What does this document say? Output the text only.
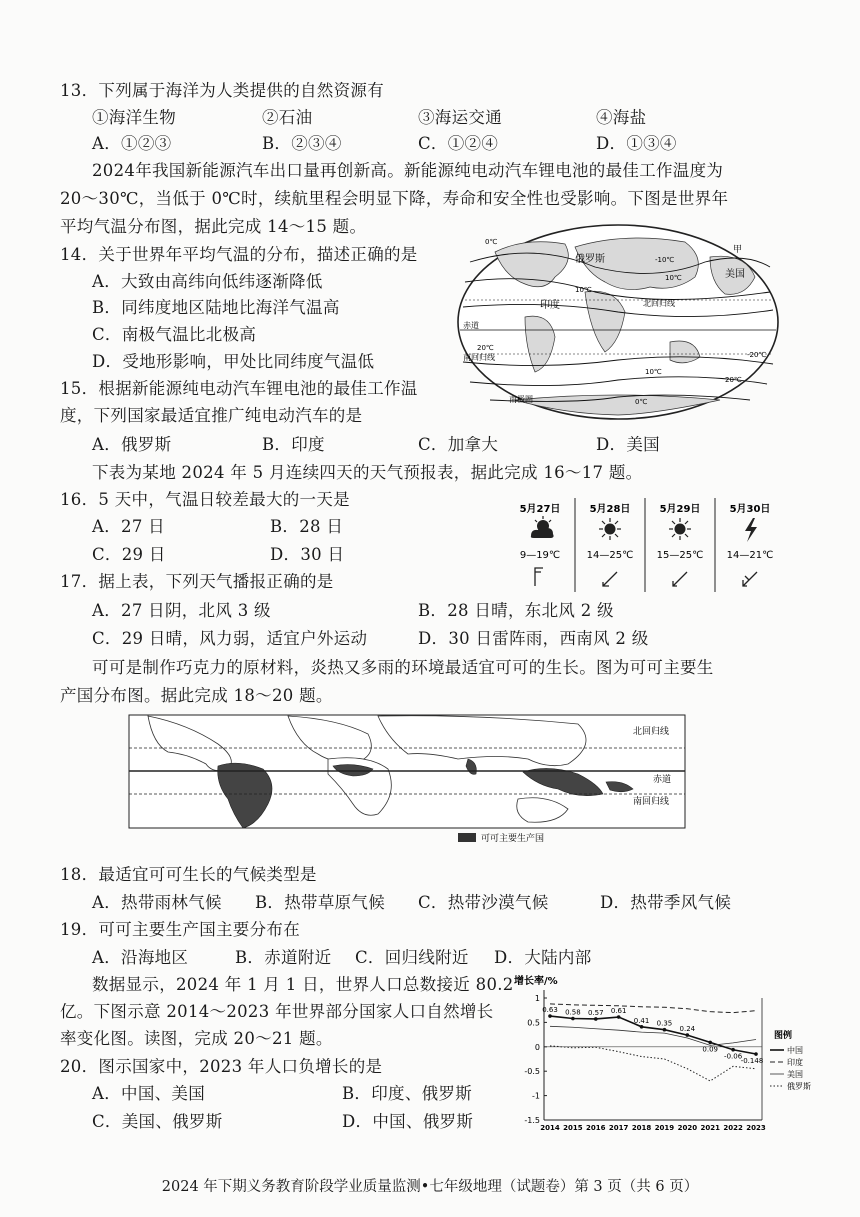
13．下列属于海洋为人类提供的自然资源有
①海洋生物	②石油	③海运交通	④海盐
A．①②③	B．②③④	C．①②④	D．①③④
2024年我国新能源汽车出口量再创新高。新能源纯电动汽车锂电池的最佳工作温度为
20～30℃，当低于 0℃时，续航里程会明显下降，寿命和安全性也受影响。下图是世界年
平均气温分布图，据此完成 14～15 题。
14．关于世界年平均气温的分布，描述正确的是
A．大致由高纬向低纬逐渐降低
B．同纬度地区陆地比海洋气温高
C．南极气温比北极高
D．受地形影响，甲处比同纬度气温低
15．根据新能源纯电动汽车锂电池的最佳工作温
度，下列国家最适宜推广纯电动汽车的是
A．俄罗斯	B．印度	C．加拿大	D．美国
俄罗斯
美国
印度	北回归线
赤道
南回归线
南极圈
甲
0℃
10℃
-10℃
20℃
-20℃
10℃
20℃
0℃
10℃
下表为某地 2024 年 5 月连续四天的天气预报表，据此完成 16～17 题。
16．5 天中，气温日较差最大的一天是
A．27 日	B．28 日
C．29 日	D．30 日
5月27日	5月28日	5月29日	5月30日
9—19℃	14—25℃ 15—25℃ 14—21℃
17．据上表，下列天气播报正确的是
A．27 日阴，北风 3 级	B．28 日晴，东北风 2 级
C．29 日晴，风力弱，适宜户外运动	D．30 日雷阵雨，西南风 2 级
可可是制作巧克力的原材料，炎热又多雨的环境最适宜可可的生长。图为可可主要生
产国分布图。据此完成 18～20 题。
北回归线
赤道
南回归线
可可主要生产国
18．最适宜可可生长的气候类型是
A．热带雨林气候 B．热带草原气候 C．热带沙漠气候	D．热带季风气候
19．可可主要生产国主要分布在
A．沿海地区	B．赤道附近 C．回归线附近 D．大陆内部
数据显示，2024 年 1 月 1 日，世界人口总数接近 80.2
亿。下图示意 2014～2023 年世界部分国家人口自然增长
率变化图。读图，完成 20～21 题。
20．图示国家中，2023 年人口负增长的是
A．中国、美国	B．印度、俄罗斯
C．美国、俄罗斯	D．中国、俄罗斯
增长率/%
1
0.5
0
-0.5
-1
-1.5
2014 2015 2016 2017 2018 2019 2020 2021 2022 2023
0.63 0.58 0.57 0.61
0.41 0.35
0.24
0.09
-0.06
-0.148
中国
印度
美国
俄罗斯
图例
2024 年下期义务教育阶段学业质量监测•七年级地理（试题卷）第 3 页（共 6 页）
